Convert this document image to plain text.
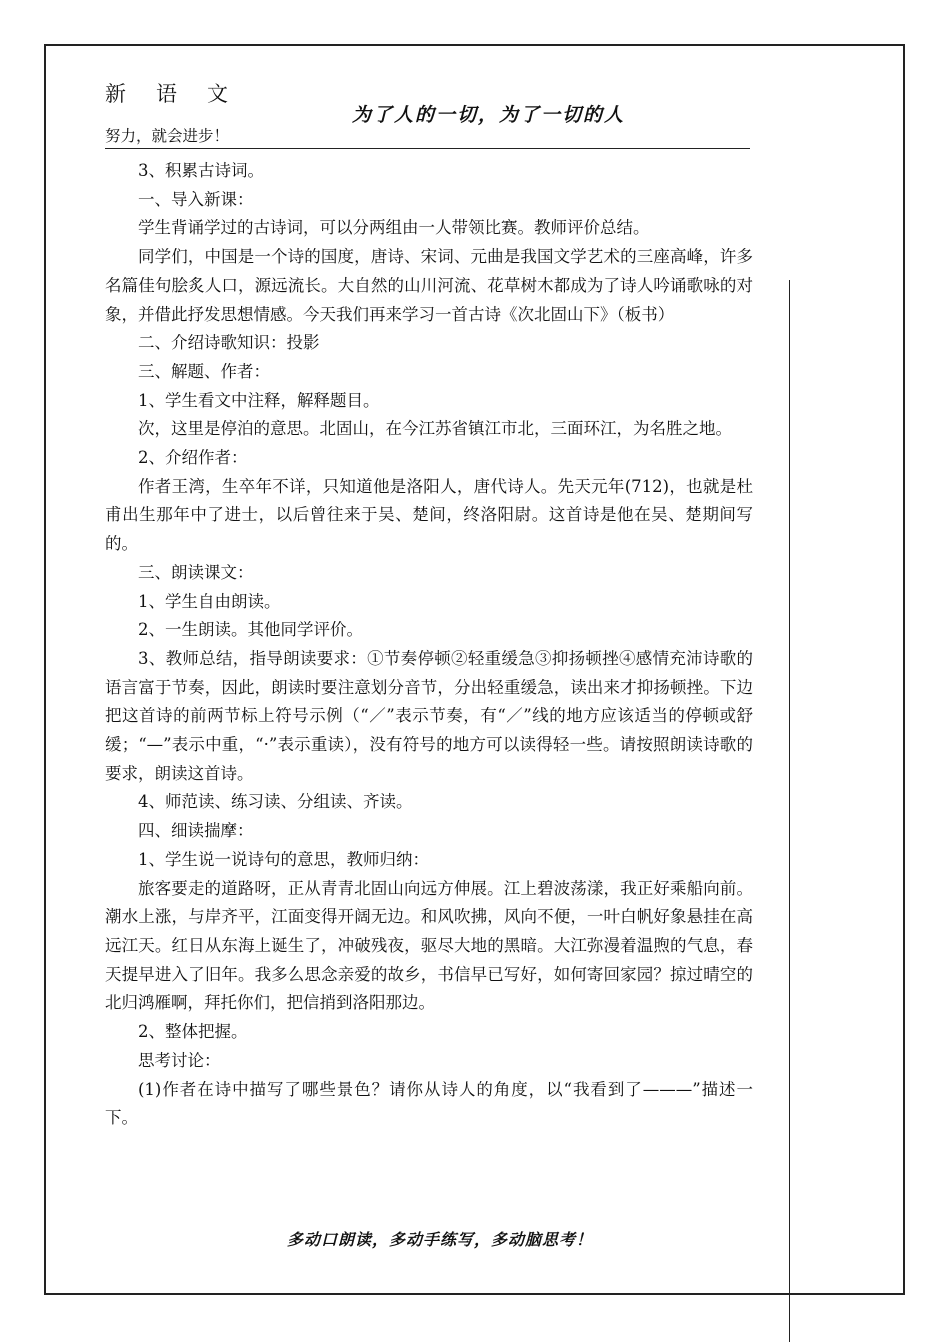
新语文
为了人的一切，为了一切的人
努力，就会进步！

3、积累古诗词。

一、导入新课：

学生背诵学过的古诗词，可以分两组由一人带领比赛。教师评价总结。

同学们，中国是一个诗的国度，唐诗、宋词、元曲是我国文学艺术的三座高峰，许多名篇佳句脍炙人口，源远流长。大自然的山川河流、花草树木都成为了诗人吟诵歌咏的对象，并借此抒发思想情感。今天我们再来学习一首古诗《次北固山下》（板书）

二、介绍诗歌知识：投影

三、解题、作者：

1、学生看文中注释，解释题目。

次，这里是停泊的意思。北固山，在今江苏省镇江市北，三面环江，为名胜之地。

2、介绍作者：

作者王湾，生卒年不详，只知道他是洛阳人，唐代诗人。先天元年(712)，也就是杜甫出生那年中了进士，以后曾往来于吴、楚间，终洛阳尉。这首诗是他在吴、楚期间写的。

三、朗读课文：

1、学生自由朗读。

2、一生朗读。其他同学评价。

3、教师总结，指导朗读要求：①节奏停顿②轻重缓急③抑扬顿挫④感情充沛诗歌的语言富于节奏，因此，朗读时要注意划分音节，分出轻重缓急，读出来才抑扬顿挫。下边把这首诗的前两节标上符号示例（“／”表示节奏，有“／”线的地方应该适当的停顿或舒缓；“—”表示中重，“·”表示重读），没有符号的地方可以读得轻一些。请按照朗读诗歌的要求，朗读这首诗。

4、师范读、练习读、分组读、齐读。

四、细读揣摩：

1、学生说一说诗句的意思，教师归纳：

旅客要走的道路呀，正从青青北固山向远方伸展。江上碧波荡漾，我正好乘船向前。潮水上涨，与岸齐平，江面变得开阔无边。和风吹拂，风向不便，一叶白帆好象悬挂在高远江天。红日从东海上诞生了，冲破残夜，驱尽大地的黑暗。大江弥漫着温煦的气息，春天提早进入了旧年。我多么思念亲爱的故乡，书信早已写好，如何寄回家园？掠过晴空的北归鸿雁啊，拜托你们，把信捎到洛阳那边。

2、整体把握。

思考讨论：

(1)作者在诗中描写了哪些景色？请你从诗人的角度，以“我看到了———”描述一下。

多动口朗读，多动手练写，多动脑思考！
